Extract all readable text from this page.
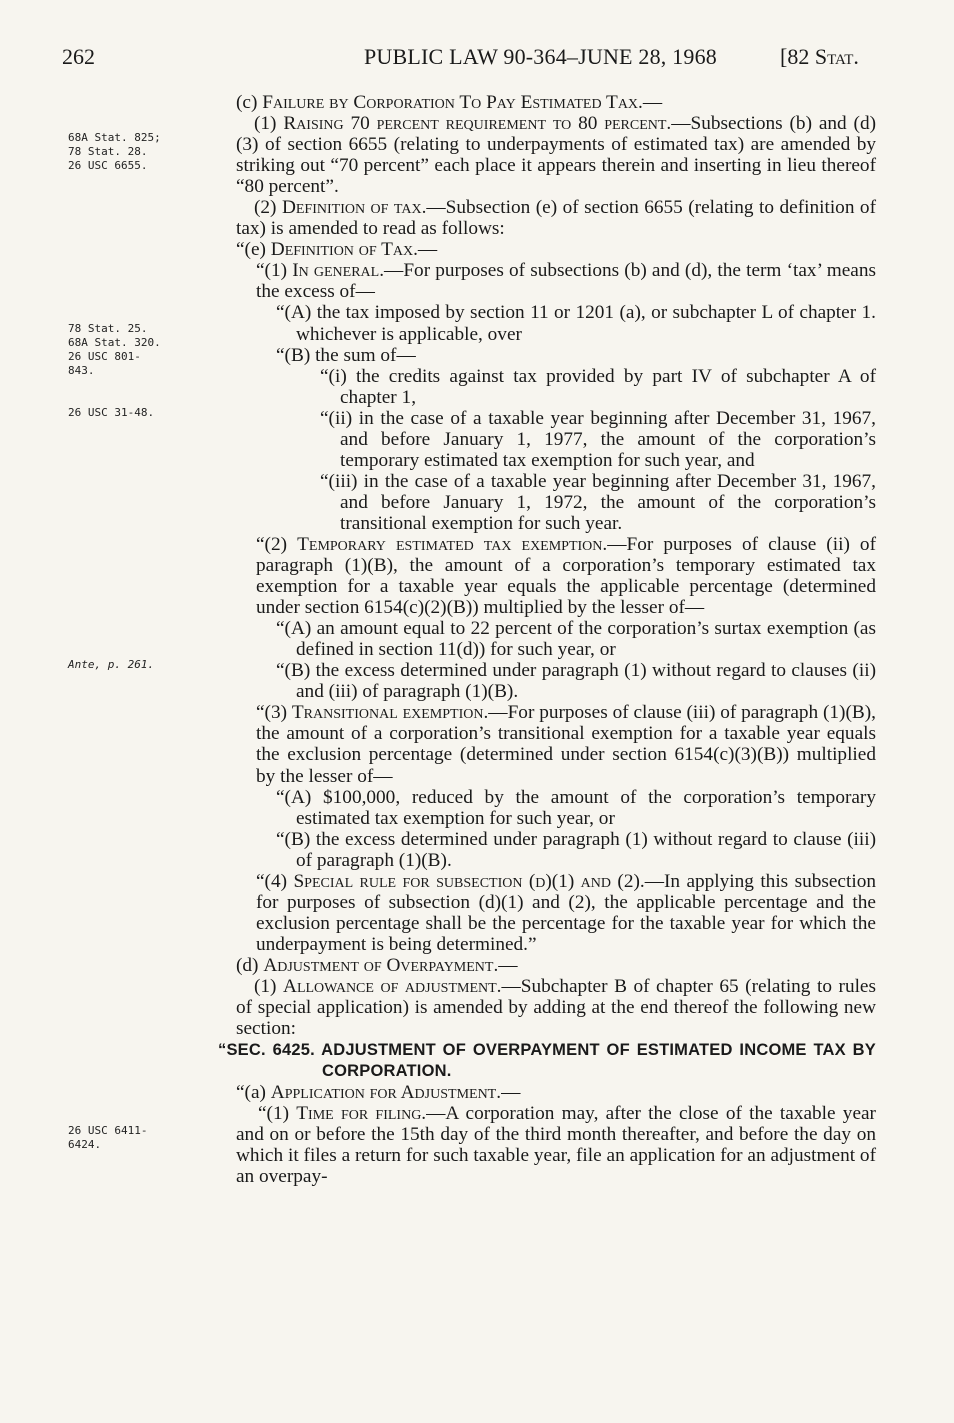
262	PUBLIC LAW 90-364–JUNE 28, 1968	[82 Stat.
68A Stat. 825;
78 Stat. 28.
26 USC 6655.
78 Stat. 25.
68A Stat. 320.
26 USC 801-
843.
26 USC 31-48.
Ante, p. 261.
26 USC 6411-
6424.

(c) Failure by Corporation To Pay Estimated Tax.—

(1) Raising 70 percent requirement to 80 percent.—Subsections (b) and (d)(3) of section 6655 (relating to underpayments of estimated tax) are amended by striking out “70 percent” each place it appears therein and inserting in lieu thereof “80 percent”.

(2) Definition of tax.—Subsection (e) of section 6655 (relating to definition of tax) is amended to read as follows:

“(e) Definition of Tax.—

“(1) In general.—For purposes of subsections (b) and (d), the term ‘tax’ means the excess of—

“(A) the tax imposed by section 11 or 1201 (a), or subchapter L of chapter 1. whichever is applicable, over

“(B) the sum of—

“(i) the credits against tax provided by part IV of subchapter A of chapter 1,

“(ii) in the case of a taxable year beginning after December 31, 1967, and before January 1, 1977, the amount of the corporation’s temporary estimated tax exemption for such year, and

“(iii) in the case of a taxable year beginning after December 31, 1967, and before January 1, 1972, the amount of the corporation’s transitional exemption for such year.

“(2) Temporary estimated tax exemption.—For purposes of clause (ii) of paragraph (1)(B), the amount of a corporation’s temporary estimated tax exemption for a taxable year equals the applicable percentage (determined under section 6154(c)(2)(B)) multiplied by the lesser of—

“(A) an amount equal to 22 percent of the corporation’s surtax exemption (as defined in section 11(d)) for such year, or

“(B) the excess determined under paragraph (1) without regard to clauses (ii) and (iii) of paragraph (1)(B).

“(3) Transitional exemption.—For purposes of clause (iii) of paragraph (1)(B), the amount of a corporation’s transitional exemption for a taxable year equals the exclusion percentage (determined under section 6154(c)(3)(B)) multiplied by the lesser of—

“(A) $100,000, reduced by the amount of the corporation’s temporary estimated tax exemption for such year, or

“(B) the excess determined under paragraph (1) without regard to clause (iii) of paragraph (1)(B).

“(4) Special rule for subsection (d)(1) and (2).—In applying this subsection for purposes of subsection (d)(1) and (2), the applicable percentage and the exclusion percentage shall be the percentage for the taxable year for which the underpayment is being determined.”

(d) Adjustment of Overpayment.—

(1) Allowance of adjustment.—Subchapter B of chapter 65 (relating to rules of special application) is amended by adding at the end thereof the following new section:

“SEC. 6425. ADJUSTMENT OF OVERPAYMENT OF ESTIMATED INCOME TAX BY CORPORATION.

“(a) Application for Adjustment.—

“(1) Time for filing.—A corporation may, after the close of the taxable year and on or before the 15th day of the third month thereafter, and before the day on which it files a return for such taxable year, file an application for an adjustment of an overpay-
